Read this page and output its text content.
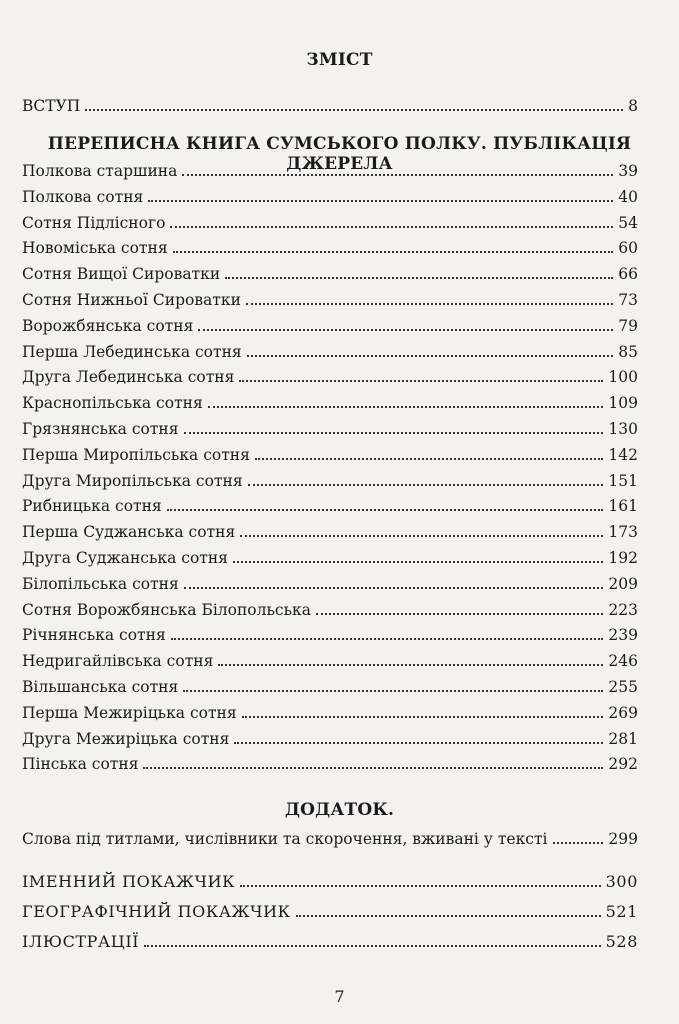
ЗМІСТ
ВСТУП	8
ПЕРЕПИСНА КНИГА СУМСЬКОГО ПОЛКУ. ПУБЛІКАЦІЯ ДЖЕРЕЛА
Полкова старшина	39
Полкова сотня	40
Сотня Підлісного	54
Новоміська сотня	60
Сотня Вищої Сироватки	66
Сотня Нижньої Сироватки	73
Ворожбянська сотня	79
Перша Лебединська сотня	85
Друга Лебединська сотня	100
Краснопільська сотня	109
Грязнянська сотня	130
Перша Миропільська сотня	142
Друга Миропільська сотня	151
Рибницька сотня	161
Перша Суджанська сотня	173
Друга Суджанська сотня	192
Білопільська сотня	209
Сотня Ворожбянська Білопольська	223
Річнянська сотня	239
Недригайлівська сотня	246
Вільшанська сотня	255
Перша Межиріцька сотня	269
Друга Межиріцька сотня	281
Пінська сотня	292
ДОДАТОК.
Слова під титлами, числівники та скорочення, вживані у тексті	299
ІМЕННИЙ ПОКАЖЧИК	300
ГЕОГРАФІЧНИЙ ПОКАЖЧИК	521
ІЛЮСТРАЦІЇ	528
7
